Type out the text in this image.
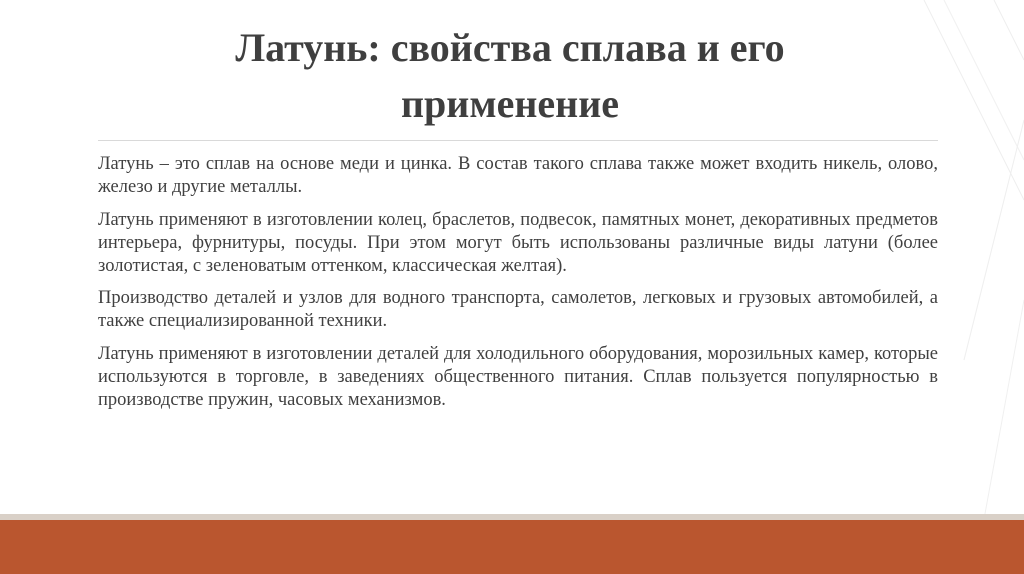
Латунь: свойства сплава и его применение

Латунь – это сплав на основе меди и цинка. В состав такого сплава также может входить никель, олово, железо и другие металлы.

Латунь применяют в изготовлении колец, браслетов, подвесок, памятных монет, декоративных предметов интерьера, фурнитуры, посуды. При этом могут быть использованы различные виды латуни (более золотистая, с зеленоватым оттенком, классическая желтая).

Производство деталей и узлов для водного транспорта, самолетов, легковых и грузовых автомобилей, а также специализированной техники.

Латунь применяют в изготовлении деталей для холодильного оборудования, морозильных камер, которые используются в торговле, в заведениях общественного питания. Сплав пользуется популярностью в производстве пружин, часовых механизмов.
